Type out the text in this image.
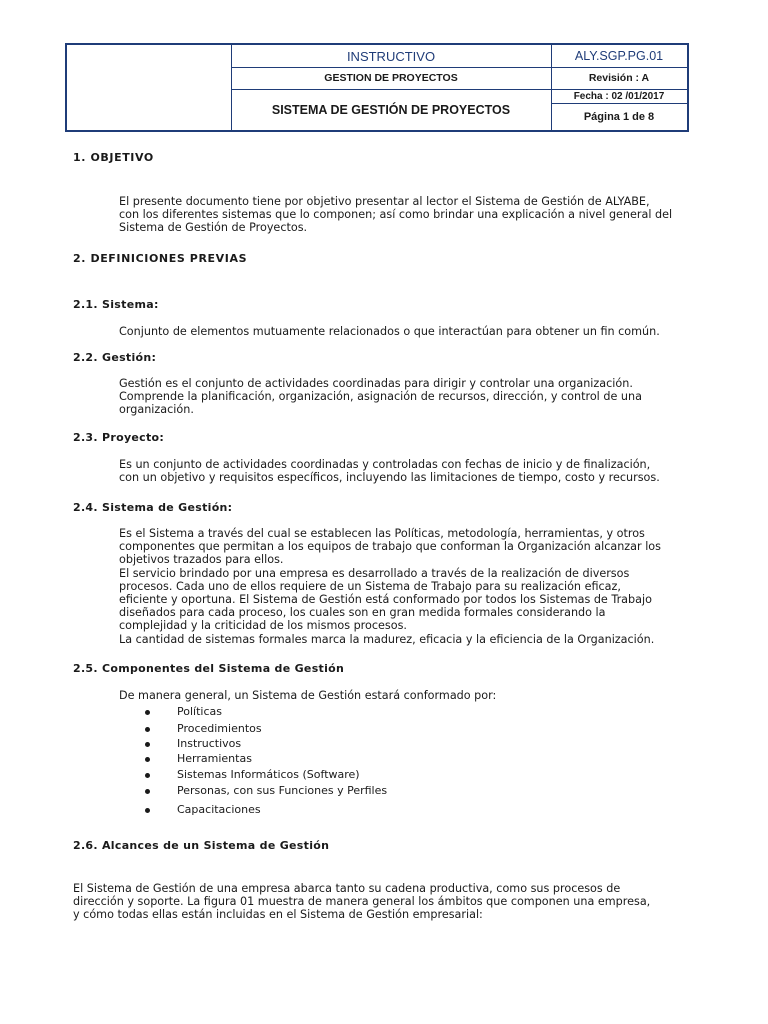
INSTRUCTIVO	ALY.SGP.PG.01
GESTION DE PROYECTOS	Revisión : A
SISTEMA DE GESTIÓN DE PROYECTOS
Fecha : 02 /01/2017
Página 1 de 8
1. OBJETIVO

El presente documento tiene por objetivo presentar al lector el Sistema de Gestión de ALYABE,
con los diferentes sistemas que lo componen; así como brindar una explicación a nivel general del
Sistema de Gestión de Proyectos.

2. DEFINICIONES PREVIAS
2.1. Sistema:

Conjunto de elementos mutuamente relacionados o que interactúan para obtener un fin común.

2.2. Gestión:

Gestión es el conjunto de actividades coordinadas para dirigir y controlar una organización.
Comprende la planificación, organización, asignación de recursos, dirección, y control de una
organización.

2.3. Proyecto:

Es un conjunto de actividades coordinadas y controladas con fechas de inicio y de finalización,
con un objetivo y requisitos específicos, incluyendo las limitaciones de tiempo, costo y recursos.

2.4. Sistema de Gestión:

Es el Sistema a través del cual se establecen las Políticas, metodología, herramientas, y otros
componentes que permitan a los equipos de trabajo que conforman la Organización alcanzar los
objetivos trazados para ellos.
El servicio brindado por una empresa es desarrollado a través de la realización de diversos
procesos. Cada uno de ellos requiere de un Sistema de Trabajo para su realización eficaz,
eficiente y oportuna. El Sistema de Gestión está conformado por todos los Sistemas de Trabajo
diseñados para cada proceso, los cuales son en gran medida formales considerando la
complejidad y la criticidad de los mismos procesos.
La cantidad de sistemas formales marca la madurez, eficacia y la eficiencia de la Organización.

2.5. Componentes del Sistema de Gestión

De manera general, un Sistema de Gestión estará conformado por:

Políticas
Procedimientos
Instructivos
Herramientas
Sistemas Informáticos (Software)
Personas, con sus Funciones y Perfiles
Capacitaciones
2.6. Alcances de un Sistema de Gestión

El Sistema de Gestión de una empresa abarca tanto su cadena productiva, como sus procesos de
dirección y soporte. La figura 01 muestra de manera general los ámbitos que componen una empresa,
y cómo todas ellas están incluidas en el Sistema de Gestión empresarial:
